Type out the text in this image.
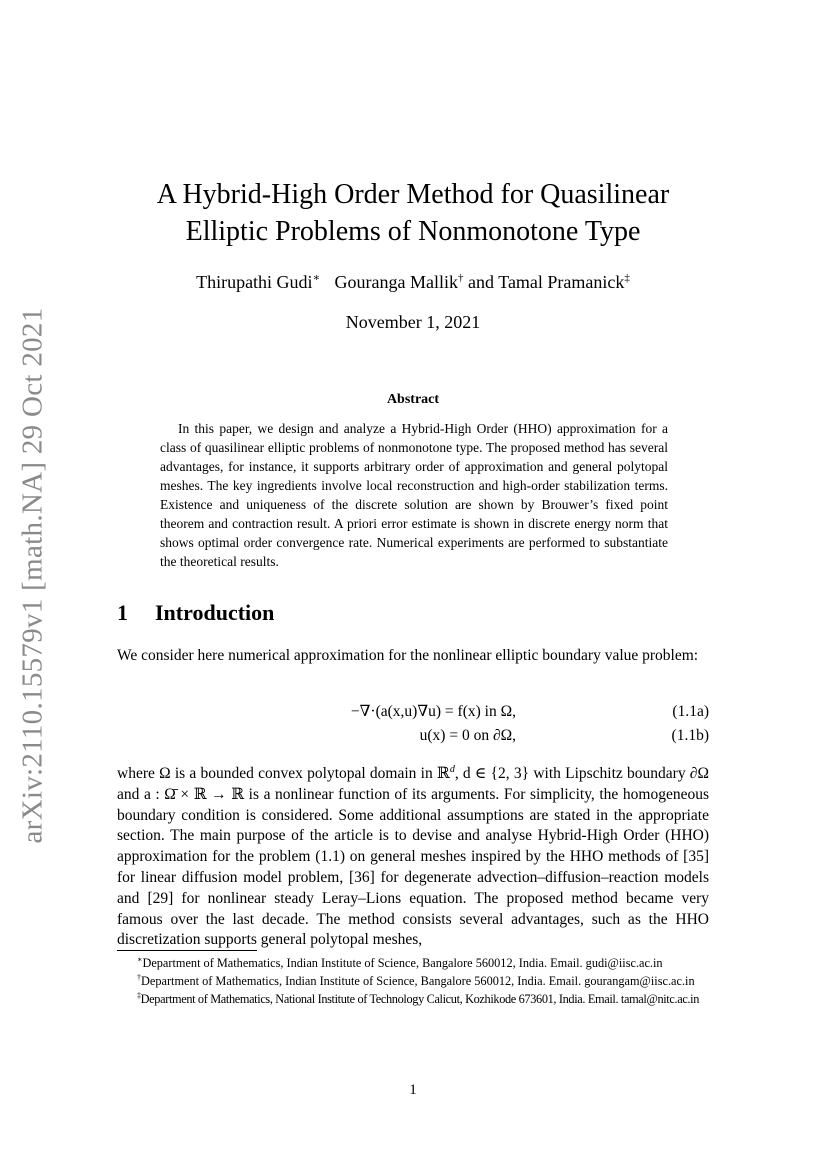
arXiv:2110.15579v1 [math.NA] 29 Oct 2021
A Hybrid-High Order Method for Quasilinear
Elliptic Problems of Nonmonotone Type
Thirupathi Gudi∗ Gouranga Mallik† and Tamal Pramanick‡
November 1, 2021
Abstract
In this paper, we design and analyze a Hybrid-High Order (HHO) approximation for a class of quasilinear elliptic problems of nonmonotone type. The proposed method has several advantages, for instance, it supports arbitrary order of approximation and general polytopal meshes. The key ingredients involve local reconstruction and high-order stabilization terms. Existence and uniqueness of the discrete solution are shown by Brouwer’s fixed point theorem and contraction result. A priori error estimate is shown in discrete energy norm that shows optimal order convergence rate. Numerical experiments are performed to substantiate the theoretical results.
1 Introduction
We consider here numerical approximation for the nonlinear elliptic boundary value problem:
−∇·(a(x,u)∇u) = f(x) in Ω,	(1.1a)
u(x) = 0 on ∂Ω,	(1.1b)
where Ω is a bounded convex polytopal domain in ℝ$^d$, d ∈ {2, 3} with Lipschitz boundary ∂Ω and a : Ω̄ × ℝ → ℝ is a nonlinear function of its arguments. For simplicity, the homogeneous boundary condition is considered. Some additional assumptions are stated in the appropriate section. The main purpose of the article is to devise and analyse Hybrid-High Order (HHO) approximation for the problem (1.1) on general meshes inspired by the HHO methods of [35] for linear diffusion model problem, [36] for degenerate advection–diffusion–reaction models and [29] for nonlinear steady Leray–Lions equation. The proposed method became very famous over the last decade. The method consists several advantages, such as the HHO discretization supports general polytopal meshes,

∗Department of Mathematics, Indian Institute of Science, Bangalore 560012, India. Email. gudi@iisc.ac.in

†Department of Mathematics, Indian Institute of Science, Bangalore 560012, India. Email. gourangam@iisc.ac.in

‡Department of Mathematics, National Institute of Technology Calicut, Kozhikode 673601, India. Email. tamal@nitc.ac.in

1
